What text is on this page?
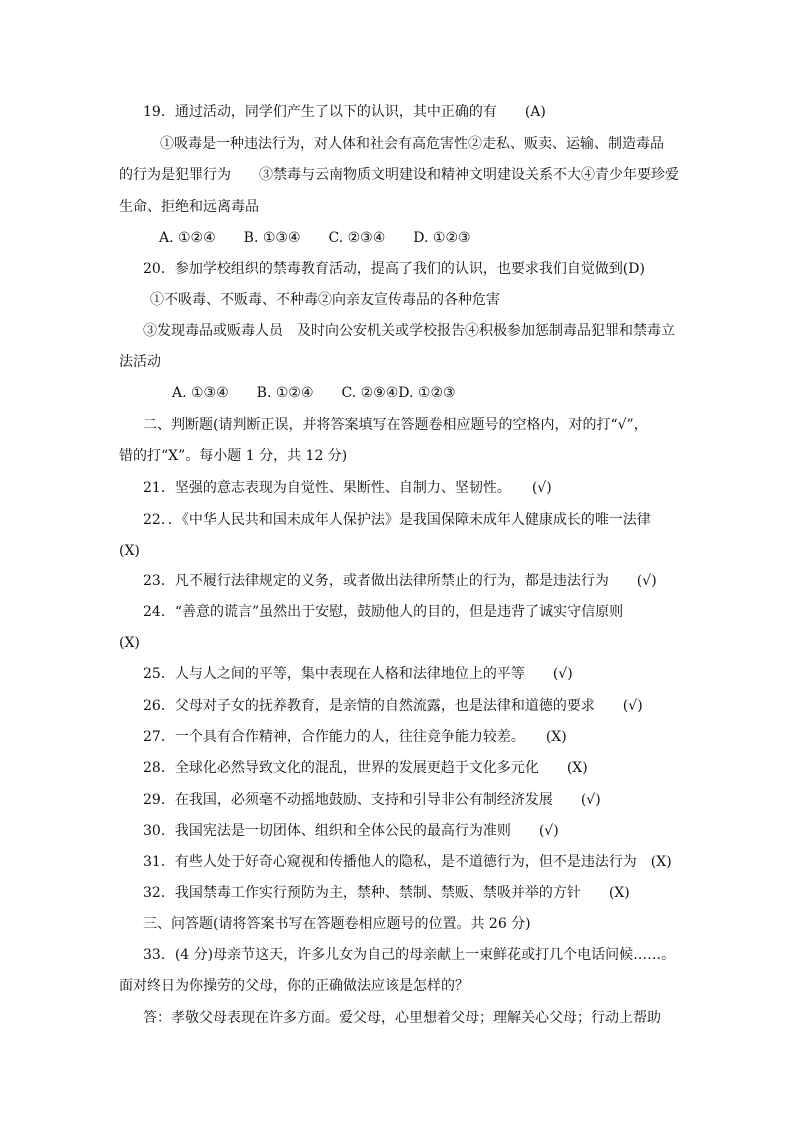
19．通过活动，同学们产生了以下的认识，其中正确的有　　(A)
①吸毒是一种违法行为，对人体和社会有高危害性②走私、贩卖、运输、制造毒品
的行为是犯罪行为　　③禁毒与云南物质文明建设和精神文明建设关系不大④青少年要珍爱
生命、拒绝和远离毒品
A. ①②④　　B. ①③④　　C. ②③④　　D. ①②③
20．参加学校组织的禁毒教育活动，提高了我们的认识，也要求我们自觉做到(D)
①不吸毒、不贩毒、不种毒②向亲友宣传毒品的各种危害
③发现毒品或贩毒人员　及时向公安机关或学校报告④积极参加惩制毒品犯罪和禁毒立
法活动
A. ①③④　　B. ①②④　　C. ②⑨④D. ①②③
二、判断题(请判断正误，并将答案填写在答题卷相应题号的空格内，对的打“√”，
错的打“X”。每小题 1 分，共 12 分)
21．坚强的意志表现为自觉性、果断性、自制力、坚韧性。　　(√)
22．．《中华人民共和国未成年人保护法》是我国保障未成年人健康成长的唯一法律
(X)
23．凡不履行法律规定的义务，或者做出法律所禁止的行为，都是违法行为　　(√)
24．“善意的谎言”虽然出于安慰，鼓励他人的目的，但是违背了诚实守信原则
(X)
25．人与人之间的平等，集中表现在人格和法律地位上的平等　　(√)
26．父母对子女的抚养教育，是亲情的自然流露，也是法律和道德的要求　　(√)
27．一个具有合作精神，合作能力的人，往往竞争能力较差。　　(X)
28．全球化必然导致文化的混乱，世界的发展更趋于文化多元化　　(X)
29．在我国，必须毫不动摇地鼓励、支持和引导非公有制经济发展　　(√)
30．我国宪法是一切团体、组织和全体公民的最高行为准则　　(√)
31．有些人处于好奇心窥视和传播他人的隐私，是不道德行为，但不是违法行为　(X)
32．我国禁毒工作实行预防为主，禁种、禁制、禁贩、禁吸并举的方针　　(X)
三、问答题(请将答案书写在答题卷相应题号的位置。共 26 分)
33．(4 分)母亲节这天，许多儿女为自己的母亲献上一束鲜花或打几个电话问候……。
面对终日为你操劳的父母，你的正确做法应该是怎样的？
答：孝敬父母表现在许多方面。爱父母，心里想着父母；理解关心父母；行动上帮助
